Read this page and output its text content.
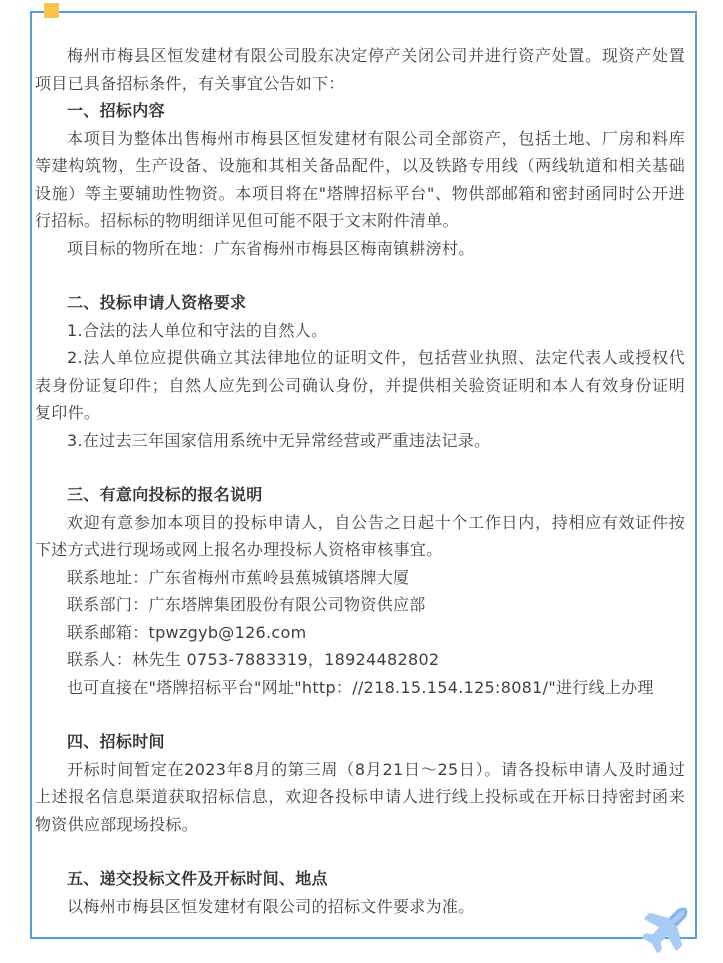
梅州市梅县区恒发建材有限公司股东决定停产关闭公司并进行资产处置。现资产处置项目已具备招标条件，有关事宜公告如下：

一、招标内容

本项目为整体出售梅州市梅县区恒发建材有限公司全部资产，包括土地、厂房和料库等建构筑物，生产设备、设施和其相关备品配件，以及铁路专用线（两线轨道和相关基础设施）等主要辅助性物资。本项目将在"塔牌招标平台"、物供部邮箱和密封函同时公开进行招标。招标标的物明细详见但可能不限于文末附件清单。

项目标的物所在地：广东省梅州市梅县区梅南镇耕滂村。

二、投标申请人资格要求

1.合法的法人单位和守法的自然人。

2.法人单位应提供确立其法律地位的证明文件，包括营业执照、法定代表人或授权代表身份证复印件；自然人应先到公司确认身份，并提供相关验资证明和本人有效身份证明复印件。

3.在过去三年国家信用系统中无异常经营或严重违法记录。

三、有意向投标的报名说明

欢迎有意参加本项目的投标申请人，自公告之日起十个工作日内，持相应有效证件按下述方式进行现场或网上报名办理投标人资格审核事宜。

联系地址：广东省梅州市蕉岭县蕉城镇塔牌大厦

联系部门：广东塔牌集团股份有限公司物资供应部

联系邮箱：tpwzgyb@126.com

联系人：林先生 0753-7883319，18924482802

也可直接在"塔牌招标平台"网址"http：//218.15.154.125:8081/"进行线上办理

四、招标时间

开标时间暂定在2023年8月的第三周（8月21日～25日）。请各投标申请人及时通过上述报名信息渠道获取招标信息，欢迎各投标申请人进行线上投标或在开标日持密封函来物资供应部现场投标。

五、递交投标文件及开标时间、地点

以梅州市梅县区恒发建材有限公司的招标文件要求为准。
